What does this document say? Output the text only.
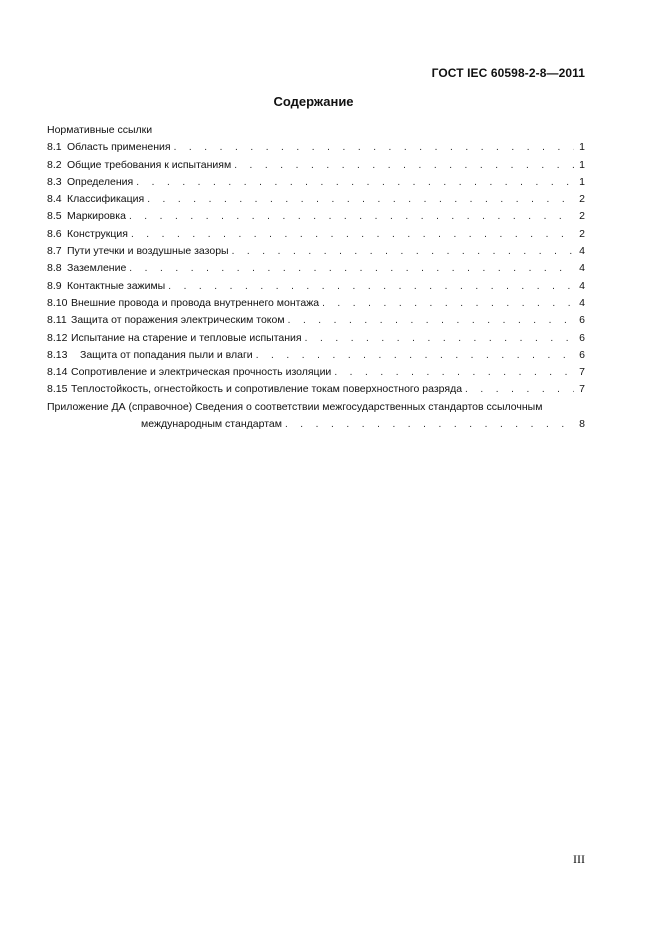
ГОСТ IEC 60598-2-8—2011
Содержание
Нормативные ссылки
8.1 Область применения . . .	1
8.2 Общие требования к испытаниям . . .	1
8.3 Определения . . .	1
8.4 Классификация . . .	2
8.5 Маркировка . . .	2
8.6 Конструкция . . .	2
8.7 Пути утечки и воздушные зазоры . . .	4
8.8 Заземление . . .	4
8.9 Контактные зажимы . . .	4
8.10 Внешние провода и провода внутреннего монтажа . . .	4
8.11 Защита от поражения электрическим током . . .	6
8.12 Испытание на старение и тепловые испытания . . .	6
8.13	Защита от попадания пыли и влаги . . .	6
8.14 Сопротивление и электрическая прочность изоляции . . .	7
8.15 Теплостойкость, огнестойкость и сопротивление токам поверхностного разряда . . .	7
Приложение ДА (справочное) Сведения о соответствии межгосударственных стандартов ссылочным
международным стандартам . . .	8
III
